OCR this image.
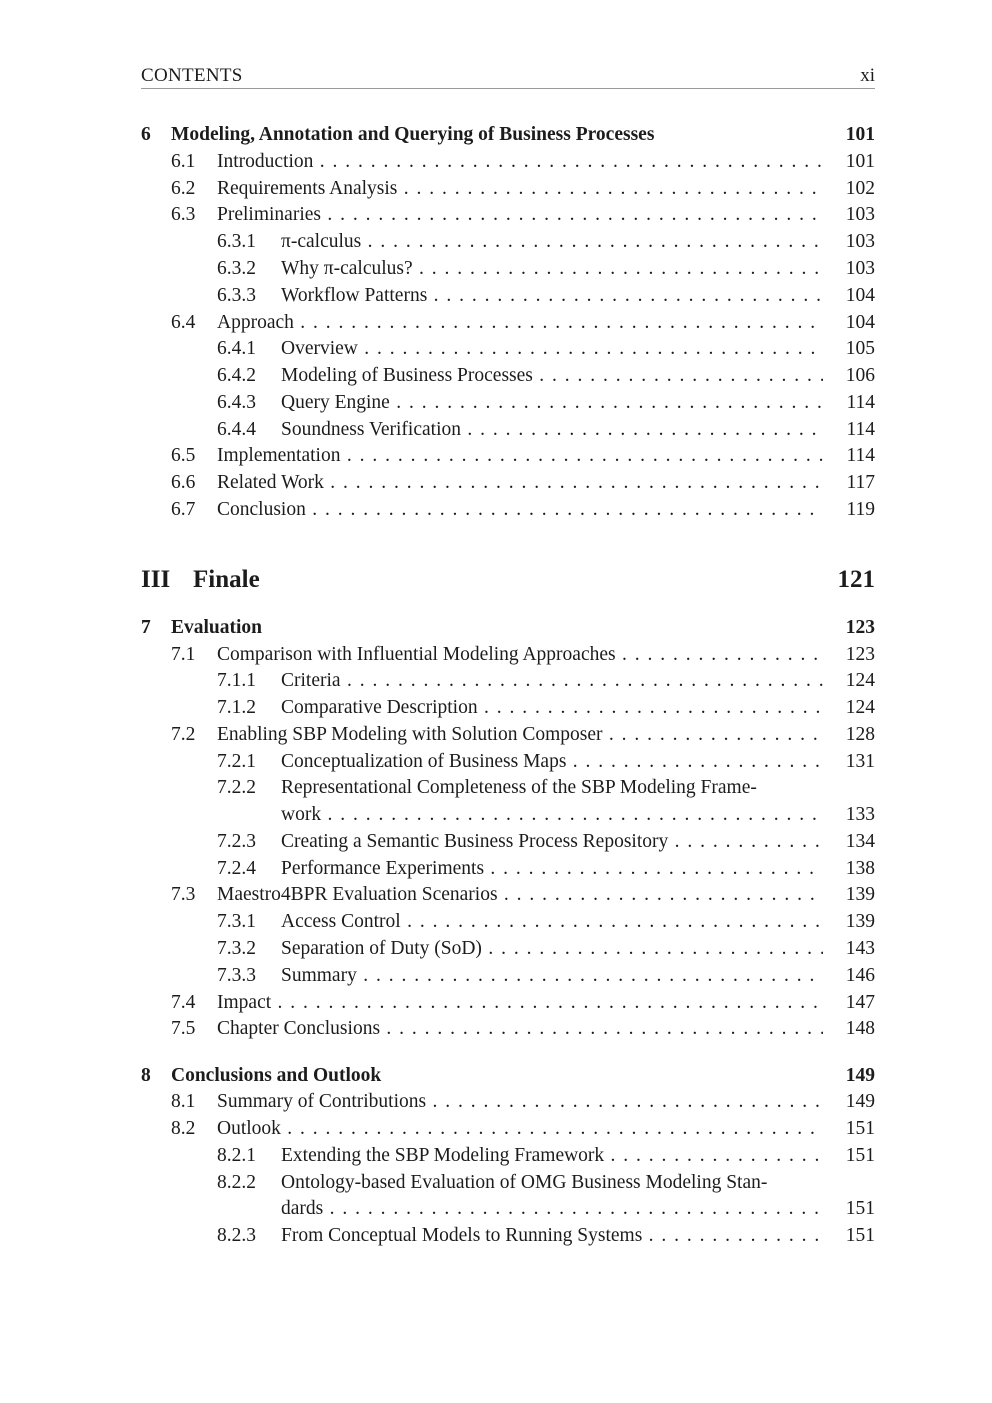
CONTENTS	xi
6 Modeling, Annotation and Querying of Business Processes	101
6.1 Introduction . . .	101
6.2 Requirements Analysis . . .	102
6.3 Preliminaries . . .	103
6.3.1 π-calculus . . .	103
6.3.2 Why π-calculus? . . .	103
6.3.3 Workflow Patterns . . .	104
6.4 Approach . . .	104
6.4.1 Overview . . .	105
6.4.2 Modeling of Business Processes . . .	106
6.4.3 Query Engine . . .	114
6.4.4 Soundness Verification . . .	114
6.5 Implementation . . .	114
6.6 Related Work . . .	117
6.7 Conclusion . . .	119
III Finale	121
7 Evaluation	123
7.1 Comparison with Influential Modeling Approaches . . .	123
7.1.1 Criteria . . .	124
7.1.2 Comparative Description . . .	124
7.2 Enabling SBP Modeling with Solution Composer . . .	128
7.2.1 Conceptualization of Business Maps . . .	131
7.2.2 Representational Completeness of the SBP Modeling Frame-
work . . .	133
7.2.3 Creating a Semantic Business Process Repository . . .	134
7.2.4 Performance Experiments . . .	138
7.3 Maestro4BPR Evaluation Scenarios . . .	139
7.3.1 Access Control . . .	139
7.3.2 Separation of Duty (SoD) . . .	143
7.3.3 Summary . . .	146
7.4 Impact . . .	147
7.5 Chapter Conclusions . . .	148
8 Conclusions and Outlook	149
8.1 Summary of Contributions . . .	149
8.2 Outlook . . .	151
8.2.1 Extending the SBP Modeling Framework . . .	151
8.2.2 Ontology-based Evaluation of OMG Business Modeling Stan-
dards . . .	151
8.2.3 From Conceptual Models to Running Systems . . .	151
